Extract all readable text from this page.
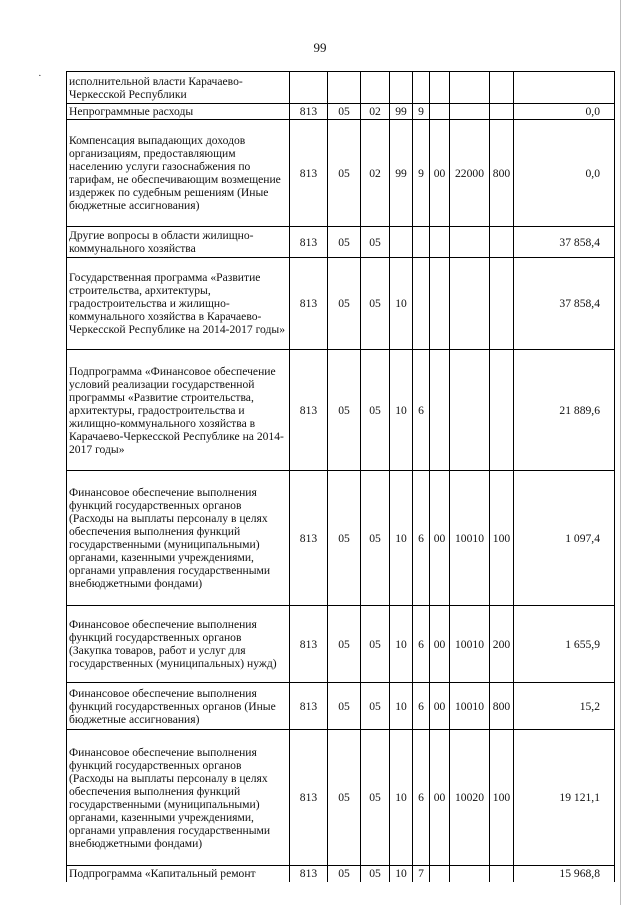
99
· исполнительной власти Карачаево-Черкесской Республики									
Непрограммные расходы	813	05	02	99	9				0,0
Компенсация выпадающих доходов организациям, предоставляющим населению услуги газоснабжения по тарифам, не обеспечивающим возмещение издержек по судебным решениям (Иные бюджетные ассигнования)	813	05	02	99	9	00	22000	800	0,0
Другие вопросы в области жилищно-коммунального хозяйства	813	05	05						37 858,4
Государственная программа «Развитие строительства, архитектуры, градостроительства и жилищно-коммунального хозяйства в Карачаево-Черкесской Республике на 2014-2017 годы»	813	05	05	10					37 858,4
Подпрограмма «Финансовое обеспечение условий реализации государственной программы «Развитие строительства, архитектуры, градостроительства и жилищно-коммунального хозяйства в Карачаево-Черкесской Республике на 2014-2017 годы»	813	05	05	10	6				21 889,6
Финансовое обеспечение выполнения функций государственных органов (Расходы на выплаты персоналу в целях обеспечения выполнения функций государственными (муниципальными) органами, казенными учреждениями, органами управления государственными внебюджетными фондами)	813	05	05	10	6	00	10010	100	1 097,4
Финансовое обеспечение выполнения функций государственных органов (Закупка товаров, работ и услуг для государственных (муниципальных) нужд)	813	05	05	10	6	00	10010	200	1 655,9
Финансовое обеспечение выполнения функций государственных органов (Иные бюджетные ассигнования)	813	05	05	10	6	00	10010	800	15,2
Финансовое обеспечение выполнения функций государственных органов (Расходы на выплаты персоналу в целях обеспечения выполнения функций государственными (муниципальными) органами, казенными учреждениями, органами управления государственными внебюджетными фондами)	813	05	05	10	6	00	10020	100	19 121,1
Подпрограмма «Капитальный ремонт	813	05	05	10	7				15 968,8
